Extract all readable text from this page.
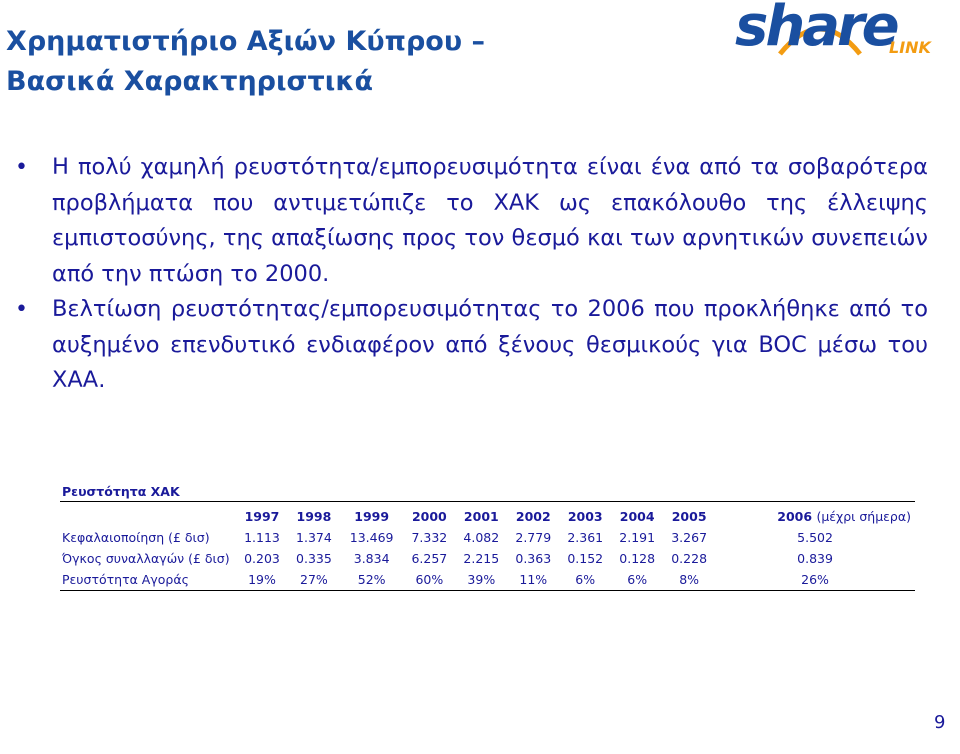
Χρηματιστήριο Αξιών Κύπρου –
Βασικά Χαρακτηριστικά
share
LINK
• Η πολύ χαμηλή ρευστότητα/εμπορευσιμότητα είναι ένα από τα σοβαρότερα προβλήματα που αντιμετώπιζε το ΧΑΚ ως επακόλουθο της έλλειψης εμπιστοσύνης, της απαξίωσης προς τον θεσμό και των αρνητικών συνεπειών από την πτώση το 2000.
• Βελτίωση ρευστότητας/εμπορευσιμότητας το 2006 που προκλήθηκε από το αυξημένο επενδυτικό ενδιαφέρον από ξένους θεσμικούς για BOC μέσω του ΧΑΑ.
Ρευστότητα ΧΑΚ
	1997	1998	1999	2000	2001	2002	2003	2004	2005	2006 (μέχρι σήμερα)
Κεφαλαιοποίηση (£ δισ)	1.113	1.374	13.469	7.332	4.082	2.779	2.361	2.191	3.267	5.502
Όγκος συναλλαγών (£ δισ)	0.203	0.335	3.834	6.257	2.215	0.363	0.152	0.128	0.228	0.839
Ρευστότητα Αγοράς	19%	27%	52%	60%	39%	11%	6%	6%	8%	26%
9
